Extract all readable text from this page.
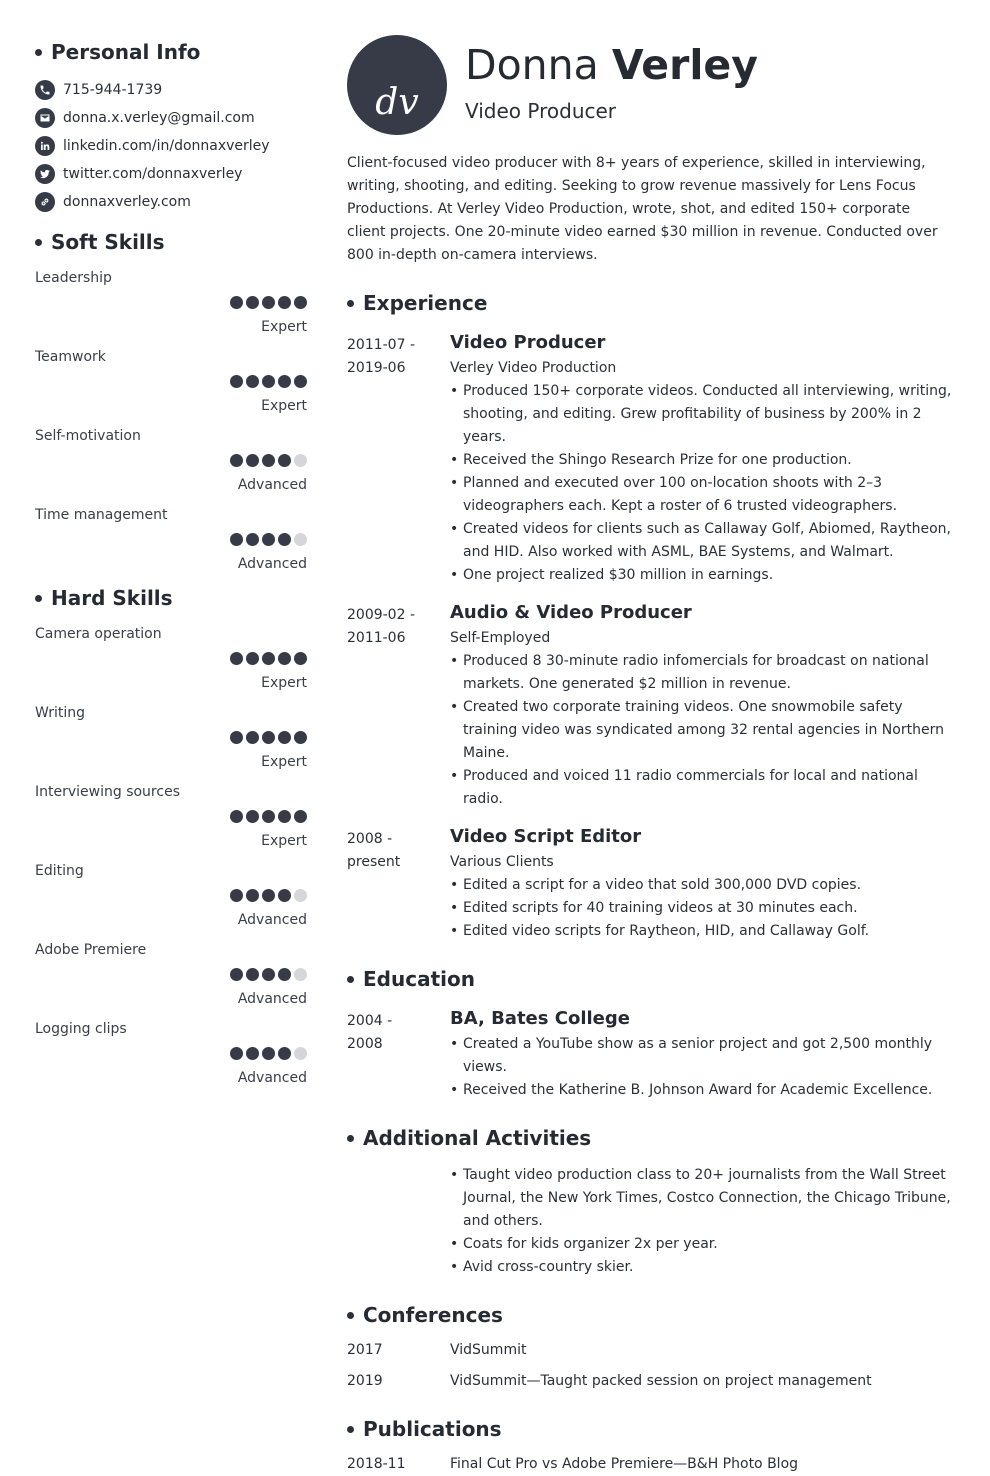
Personal Info
715-944-1739
donna.x.verley@gmail.com
linkedin.com/in/donnaxverley
twitter.com/donnaxverley
donnaxverley.com
Soft Skills
Leadership
Expert
Teamwork
Expert
Self-motivation
Advanced
Time management
Advanced
Hard Skills
Camera operation
Expert
Writing
Expert
Interviewing sources
Expert
Editing
Advanced
Adobe Premiere
Advanced
Logging clips
Advanced
dv
Donna Verley
Video Producer

Client-focused video producer with 8+ years of experience, skilled in interviewing, writing, shooting, and editing. Seeking to grow revenue massively for Lens Focus Productions. At Verley Video Production, wrote, shot, and edited 150+ corporate client projects. One 20-minute video earned $30 million in revenue. Conducted over 800 in-depth on-camera interviews.

Experience
2011-07 -
2019-06
Video Producer
Verley Video Production
• Produced 150+ corporate videos. Conducted all interviewing, writing, shooting, and editing. Grew profitability of business by 200% in 2 years.
• Received the Shingo Research Prize for one production.
• Planned and executed over 100 on-location shoots with 2–3 videographers each. Kept a roster of 6 trusted videographers.
• Created videos for clients such as Callaway Golf, Abiomed, Raytheon, and HID. Also worked with ASML, BAE Systems, and Walmart.
• One project realized $30 million in earnings.
2009-02 -
2011-06
Audio & Video Producer
Self-Employed
• Produced 8 30-minute radio infomercials for broadcast on national markets. One generated $2 million in revenue.
• Created two corporate training videos. One snowmobile safety training video was syndicated among 32 rental agencies in Northern Maine.
• Produced and voiced 11 radio commercials for local and national radio.
2008 -
present
Video Script Editor
Various Clients
• Edited a script for a video that sold 300,000 DVD copies.
• Edited scripts for 40 training videos at 30 minutes each.
• Edited video scripts for Raytheon, HID, and Callaway Golf.
Education
2004 -
2008
BA, Bates College
• Created a YouTube show as a senior project and got 2,500 monthly views.
• Received the Katherine B. Johnson Award for Academic Excellence.
Additional Activities
• Taught video production class to 20+ journalists from the Wall Street Journal, the New York Times, Costco Connection, the Chicago Tribune, and others.
• Coats for kids organizer 2x per year.
• Avid cross-country skier.
Conferences
2017	VidSummit
2019	VidSummit—Taught packed session on project management
Publications
2018-11	Final Cut Pro vs Adobe Premiere—B&H Photo Blog
